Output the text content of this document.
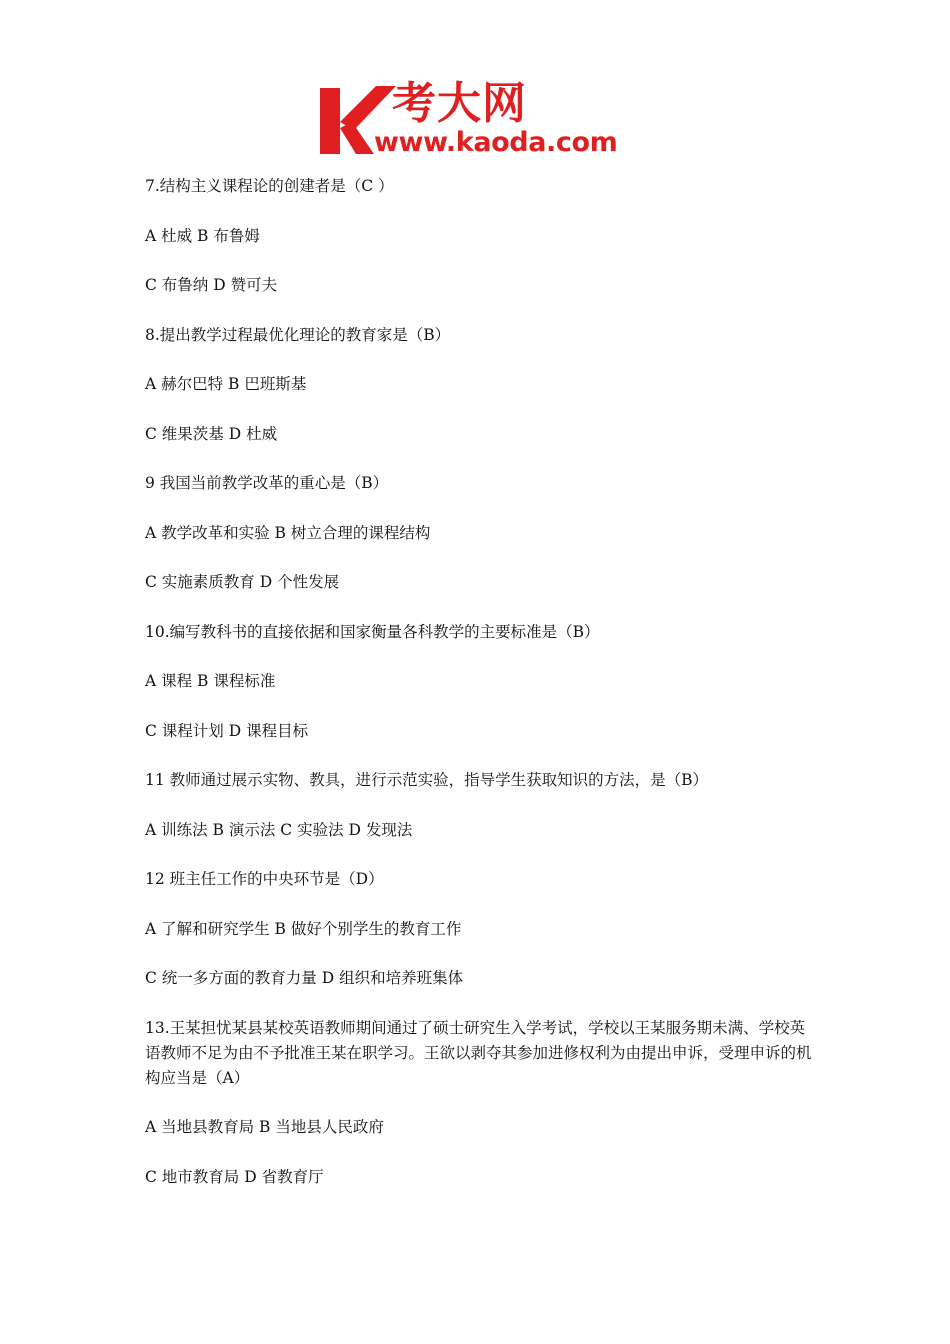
考大网
www.kaoda.com

7.结构主义课程论的创建者是（C ）

A 杜威 B 布鲁姆

C 布鲁纳 D 赞可夫

8.提出教学过程最优化理论的教育家是（B）

A 赫尔巴特 B 巴班斯基

C 维果茨基 D 杜威

9 我国当前教学改革的重心是（B）

A 教学改革和实验 B 树立合理的课程结构

C 实施素质教育 D 个性发展

10.编写教科书的直接依据和国家衡量各科教学的主要标准是（B）

A 课程 B 课程标准

C 课程计划 D 课程目标

11 教师通过展示实物、教具，进行示范实验，指导学生获取知识的方法，是（B）

A 训练法 B 演示法 C 实验法 D 发现法

12 班主任工作的中央环节是（D）

A 了解和研究学生 B 做好个别学生的教育工作

C 统一多方面的教育力量 D 组织和培养班集体

13.王某担忧某县某校英语教师期间通过了硕士研究生入学考试，学校以王某服务期未满、学校英语教师不足为由不予批准王某在职学习。王欲以剥夺其参加进修权利为由提出申诉，受理申诉的机构应当是（A）

A 当地县教育局 B 当地县人民政府

C 地市教育局 D 省教育厅
